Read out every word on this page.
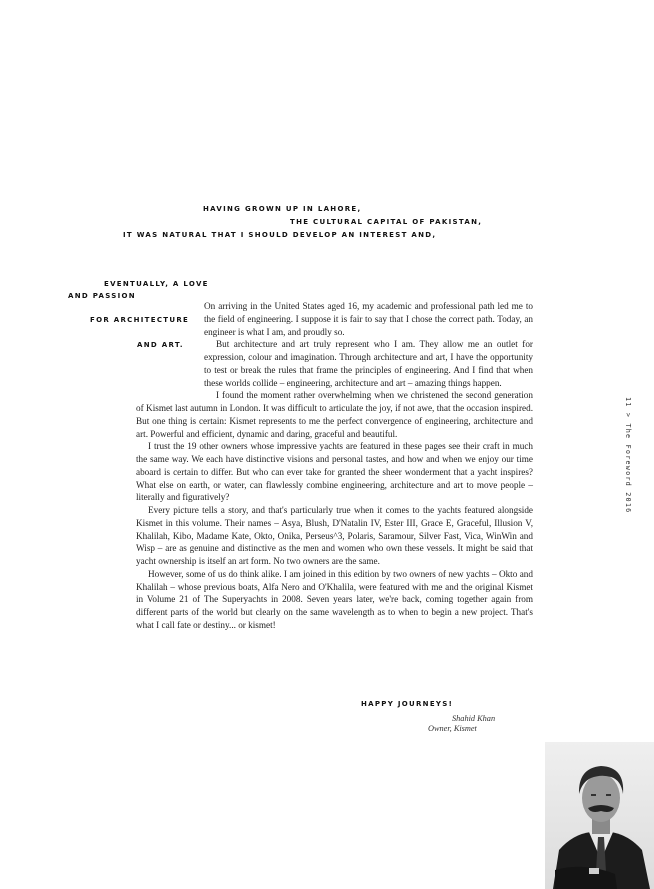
HAVING GROWN UP IN LAHORE,
THE CULTURAL CAPITAL OF PAKISTAN,
IT WAS NATURAL THAT I SHOULD DEVELOP AN INTEREST AND,
EVENTUALLY, A LOVE
AND PASSION
FOR ARCHITECTURE
AND ART.

On arriving in the United States aged 16, my academic and professional path led me to the field of engineering. I suppose it is fair to say that I chose the correct path. Today, an engineer is what I am, and proudly so.

But architecture and art truly represent who I am. They allow me an outlet for expression, colour and imagination. Through architecture and art, I have the opportunity to test or break the rules that frame the principles of engineering. And I find that when these worlds collide – engineering, architecture and art – amazing things happen.

I found the moment rather overwhelming when we christened the second generation of Kismet last autumn in London. It was difficult to articulate the joy, if not awe, that the occasion inspired. But one thing is certain: Kismet represents to me the perfect convergence of engineering, architecture and art. Powerful and efficient, dynamic and daring, graceful and beautiful.

I trust the 19 other owners whose impressive yachts are featured in these pages see their craft in much the same way. We each have distinctive visions and personal tastes, and how and when we enjoy our time aboard is certain to differ. But who can ever take for granted the sheer wonderment that a yacht inspires? What else on earth, or water, can flawlessly combine engineering, architecture and art to move people – literally and figuratively?

Every picture tells a story, and that's particularly true when it comes to the yachts featured alongside Kismet in this volume. Their names – Asya, Blush, D'Natalin IV, Ester III, Grace E, Graceful, Illusion V, Khalilah, Kibo, Madame Kate, Okto, Onika, Perseus^3, Polaris, Saramour, Silver Fast, Vica, WinWin and Wisp – are as genuine and distinctive as the men and women who own these vessels. It might be said that yacht ownership is itself an art form. No two owners are the same.

However, some of us do think alike. I am joined in this edition by two owners of new yachts – Okto and Khalilah – whose previous boats, Alfa Nero and O'Khalila, were featured with me and the original Kismet in Volume 21 of The Superyachts in 2008. Seven years later, we're back, coming together again from different parts of the world but clearly on the same wavelength as to when to begin a new project. That's what I call fate or destiny... or kismet!

HAPPY JOURNEYS!
Shahid Khan
Owner, Kismet
11 > The Foreword 2016
